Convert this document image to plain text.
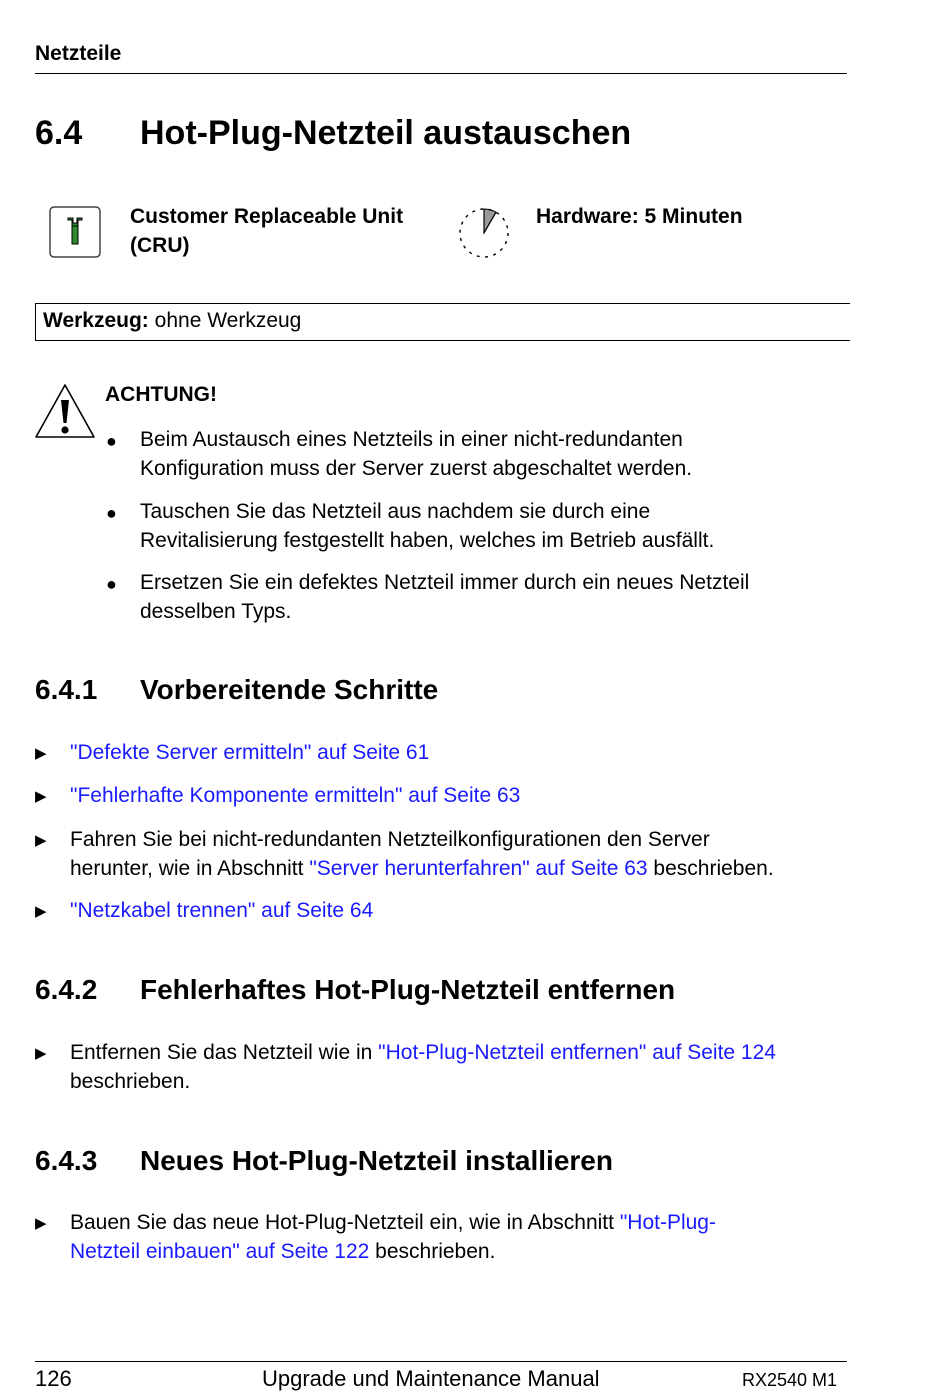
Netzteile
6.4 Hot-Plug-Netzteil austauschen
Customer Replaceable Unit
(CRU)
Hardware: 5 Minuten
Werkzeug: ohne Werkzeug
ACHTUNG!
● Beim Austausch eines Netzteils in einer nicht-redundanten
Konfiguration muss der Server zuerst abgeschaltet werden.
● Tauschen Sie das Netzteil aus nachdem sie durch eine
Revitalisierung festgestellt haben, welches im Betrieb ausfällt.
● Ersetzen Sie ein defektes Netzteil immer durch ein neues Netzteil
desselben Typs.
6.4.1 Vorbereitende Schritte
▶ "Defekte Server ermitteln" auf Seite 61
▶ "Fehlerhafte Komponente ermitteln" auf Seite 63
▶ Fahren Sie bei nicht-redundanten Netzteilkonfigurationen den Server
herunter, wie in Abschnitt "Server herunterfahren" auf Seite 63 beschrieben.
▶ "Netzkabel trennen" auf Seite 64
6.4.2 Fehlerhaftes Hot-Plug-Netzteil entfernen
▶ Entfernen Sie das Netzteil wie in "Hot-Plug-Netzteil entfernen" auf Seite 124
beschrieben.
6.4.3 Neues Hot-Plug-Netzteil installieren
▶ Bauen Sie das neue Hot-Plug-Netzteil ein, wie in Abschnitt "Hot-Plug-
Netzteil einbauen" auf Seite 122 beschrieben.
126	Upgrade und Maintenance Manual	RX2540 M1
